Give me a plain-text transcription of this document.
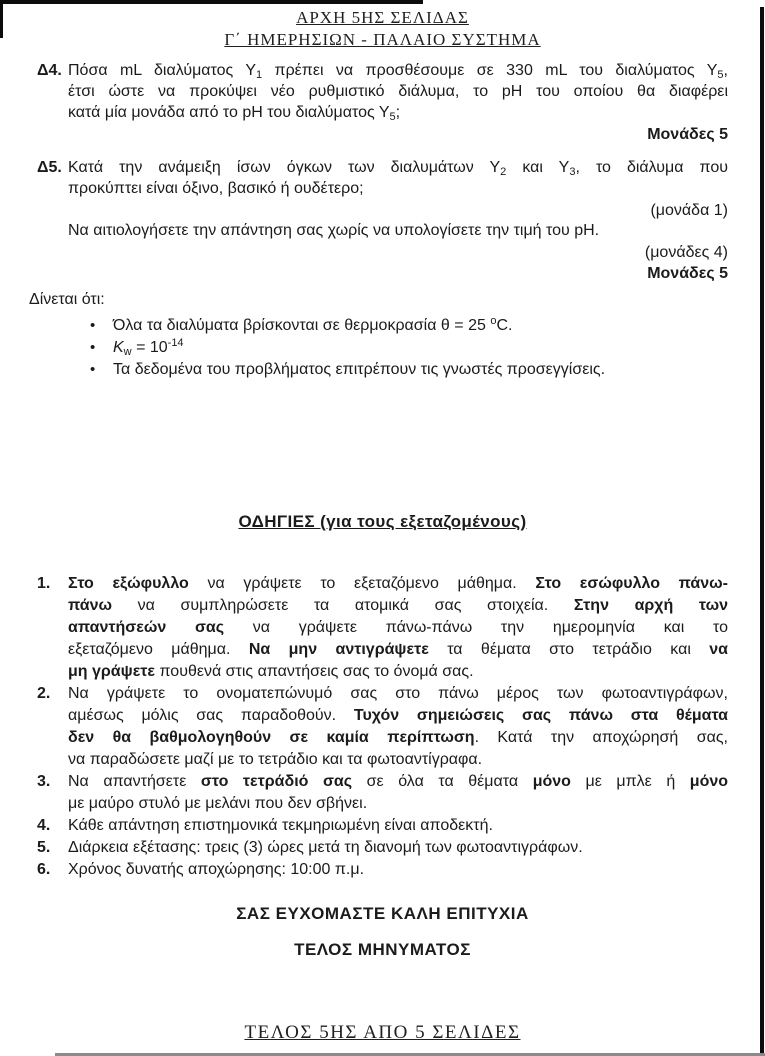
ΑΡΧΗ 5ΗΣ ΣΕΛΙΔΑΣ
Γ΄ ΗΜΕΡΗΣΙΩΝ - ΠΑΛΑΙΟ ΣΥΣΤΗΜΑ
Δ4. Πόσα mL διαλύματος $\Upsilon_1$ πρέπει να προσθέσουμε σε 330 mL του διαλύματος $\Upsilon_5$,
έτσι ώστε να προκύψει νέο ρυθμιστικό διάλυμα, το pH του οποίου θα διαφέρει
κατά μία μονάδα από το pH του διαλύματος $\Upsilon_5$;
Μονάδες 5
Δ5. Κατά την ανάμειξη ίσων όγκων των διαλυμάτων $\Upsilon_2$ και $\Upsilon_3$, το διάλυμα που
προκύπτει είναι όξινο, βασικό ή ουδέτερο;
(μονάδα 1)
Να αιτιολογήσετε την απάντηση σας χωρίς να υπολογίσετε την τιμή του pH.
(μονάδες 4)
Μονάδες 5
Δίνεται ότι:
•	Όλα τα διαλύματα βρίσκονται σε θερμοκρασία θ = 25 $^o$C.
•	$K_w = 10^{-14}$
•	Τα δεδομένα του προβλήματος επιτρέπουν τις γνωστές προσεγγίσεις.
ΟΔΗΓΙΕΣ (για τους εξεταζομένους)
1.	Στο εξώφυλλο να γράψετε το εξεταζόμενο μάθημα. Στο εσώφυλλο πάνω-
πάνω να συμπληρώσετε τα ατομικά σας στοιχεία. Στην αρχή των
απαντήσεών σας να γράψετε πάνω-πάνω την ημερομηνία και το
εξεταζόμενο μάθημα. Να μην αντιγράψετε τα θέματα στο τετράδιο και να
μη γράψετε πουθενά στις απαντήσεις σας το όνομά σας.
2.	Να γράψετε το ονοματεπώνυμό σας στο πάνω μέρος των φωτοαντιγράφων,
αμέσως μόλις σας παραδοθούν. Τυχόν σημειώσεις σας πάνω στα θέματα
δεν θα βαθμολογηθούν σε καμία περίπτωση. Κατά την αποχώρησή σας,
να παραδώσετε μαζί με το τετράδιο και τα φωτοαντίγραφα.
3.	Να απαντήσετε στο τετράδιό σας σε όλα τα θέματα μόνο με μπλε ή μόνο
με μαύρο στυλό με μελάνι που δεν σβήνει.
4.	Κάθε απάντηση επιστημονικά τεκμηριωμένη είναι αποδεκτή.
5.	Διάρκεια εξέτασης: τρεις (3) ώρες μετά τη διανομή των φωτοαντιγράφων.
6.	Χρόνος δυνατής αποχώρησης: 10:00 π.μ.
ΣΑΣ ΕΥΧΟΜΑΣΤΕ ΚΑΛΗ ΕΠΙΤΥΧΙΑ
ΤΕΛΟΣ ΜΗΝΥΜΑΤΟΣ
ΤΕΛΟΣ 5ΗΣ ΑΠΟ 5 ΣΕΛΙΔΕΣ
